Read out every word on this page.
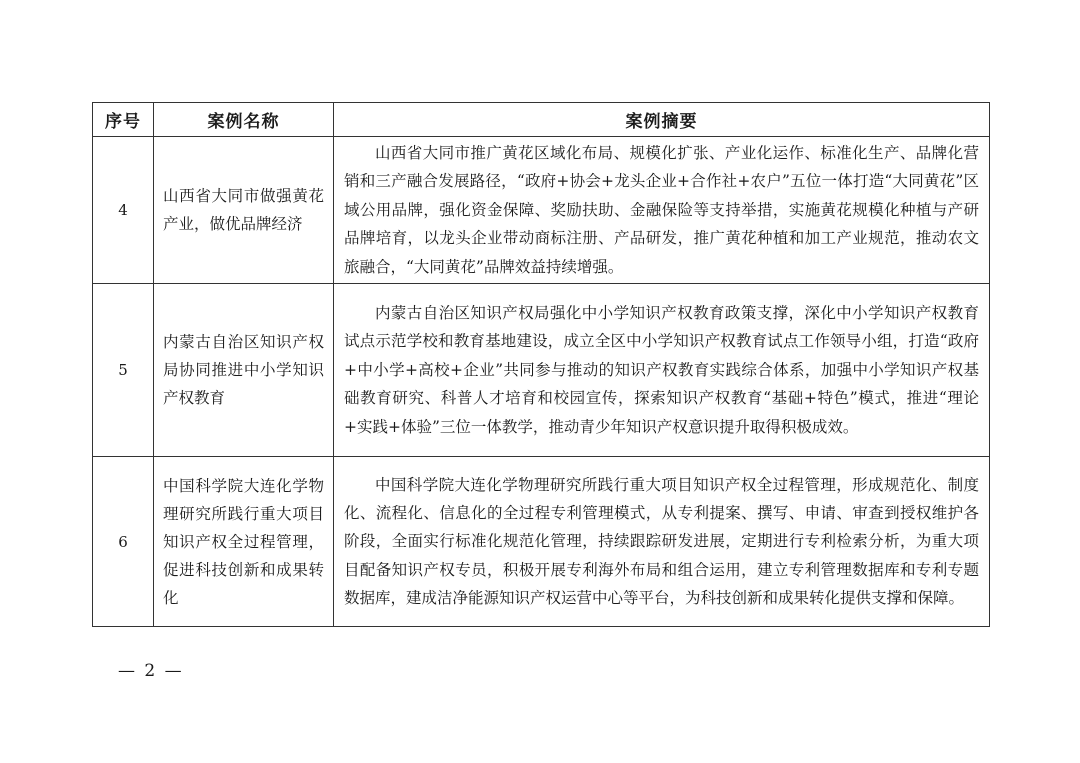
序号	案例名称	案例摘要
4	山西省大同市做强黄花产业，做优品牌经济	山西省大同市推广黄花区域化布局、规模化扩张、产业化运作、标准化生产、品牌化营销和三产融合发展路径，“政府+协会+龙头企业+合作社+农户”五位一体打造“大同黄花”区域公用品牌，强化资金保障、奖励扶助、金融保险等支持举措，实施黄花规模化种植与产研品牌培育，以龙头企业带动商标注册、产品研发，推广黄花种植和加工产业规范，推动农文旅融合，“大同黄花”品牌效益持续增强。
5	内蒙古自治区知识产权局协同推进中小学知识产权教育	内蒙古自治区知识产权局强化中小学知识产权教育政策支撑，深化中小学知识产权教育试点示范学校和教育基地建设，成立全区中小学知识产权教育试点工作领导小组，打造“政府+中小学+高校+企业”共同参与推动的知识产权教育实践综合体系，加强中小学知识产权基础教育研究、科普人才培育和校园宣传，探索知识产权教育“基础+特色”模式，推进“理论+实践+体验”三位一体教学，推动青少年知识产权意识提升取得积极成效。
6	中国科学院大连化学物理研究所践行重大项目知识产权全过程管理，促进科技创新和成果转化	中国科学院大连化学物理研究所践行重大项目知识产权全过程管理，形成规范化、制度化、流程化、信息化的全过程专利管理模式，从专利提案、撰写、申请、审查到授权维护各阶段，全面实行标准化规范化管理，持续跟踪研发进展，定期进行专利检索分析，为重大项目配备知识产权专员，积极开展专利海外布局和组合运用，建立专利管理数据库和专利专题数据库，建成洁净能源知识产权运营中心等平台，为科技创新和成果转化提供支撑和保障。
— 2 —
